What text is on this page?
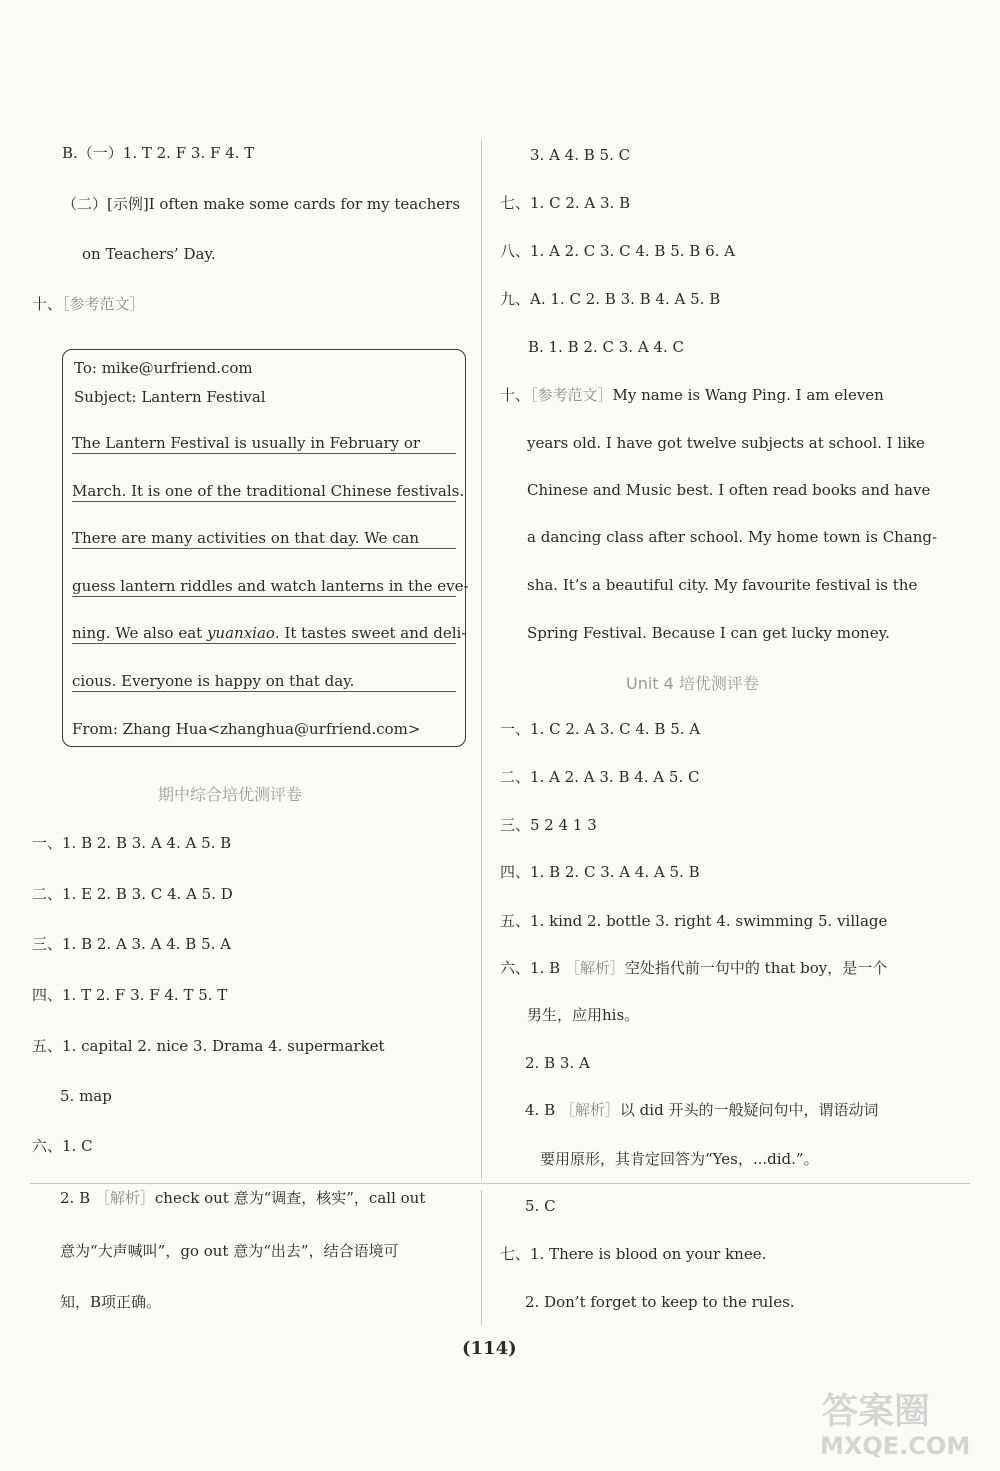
B.（一）1. T 2. F 3. F 4. T
（二）[示例]I often make some cards for my teachers
on Teachers’ Day.
十、［参考范文］
To: mike@urfriend.com
Subject: Lantern Festival
The Lantern Festival is usually in February or
March. It is one of the traditional Chinese festivals.
There are many activities on that day. We can
guess lantern riddles and watch lanterns in the eve-
ning. We also eat yuanxiao. It tastes sweet and deli-
cious. Everyone is happy on that day.
From: Zhang Hua<zhanghua@urfriend.com>
期中综合培优测评卷
一、1. B 2. B 3. A 4. A 5. B
二、1. E 2. B 3. C 4. A 5. D
三、1. B 2. A 3. A 4. B 5. A
四、1. T 2. F 3. F 4. T 5. T
五、1. capital 2. nice 3. Drama 4. supermarket
5. map
六、1. C
2. B ［解析］check out 意为“调查，核实”，call out
意为“大声喊叫”，go out 意为“出去”，结合语境可
知，B项正确。
3. A 4. B 5. C
七、1. C 2. A 3. B
八、1. A 2. C 3. C 4. B 5. B 6. A
九、A. 1. C 2. B 3. B 4. A 5. B
B. 1. B 2. C 3. A 4. C
十、［参考范文］My name is Wang Ping. I am eleven
years old. I have got twelve subjects at school. I like
Chinese and Music best. I often read books and have
a dancing class after school. My home town is Chang-
sha. It’s a beautiful city. My favourite festival is the
Spring Festival. Because I can get lucky money.
Unit 4 培优测评卷
一、1. C 2. A 3. C 4. B 5. A
二、1. A 2. A 3. B 4. A 5. C
三、5 2 4 1 3
四、1. B 2. C 3. A 4. A 5. B
五、1. kind 2. bottle 3. right 4. swimming 5. village
六、1. B ［解析］空处指代前一句中的 that boy，是一个
男生，应用his。
2. B 3. A
4. B ［解析］以 did 开头的一般疑问句中，谓语动词
要用原形，其肯定回答为“Yes，...did.”。
5. C
七、1. There is blood on your knee.
2. Don’t forget to keep to the rules.
(114)
答案圈
MXQE.COM
